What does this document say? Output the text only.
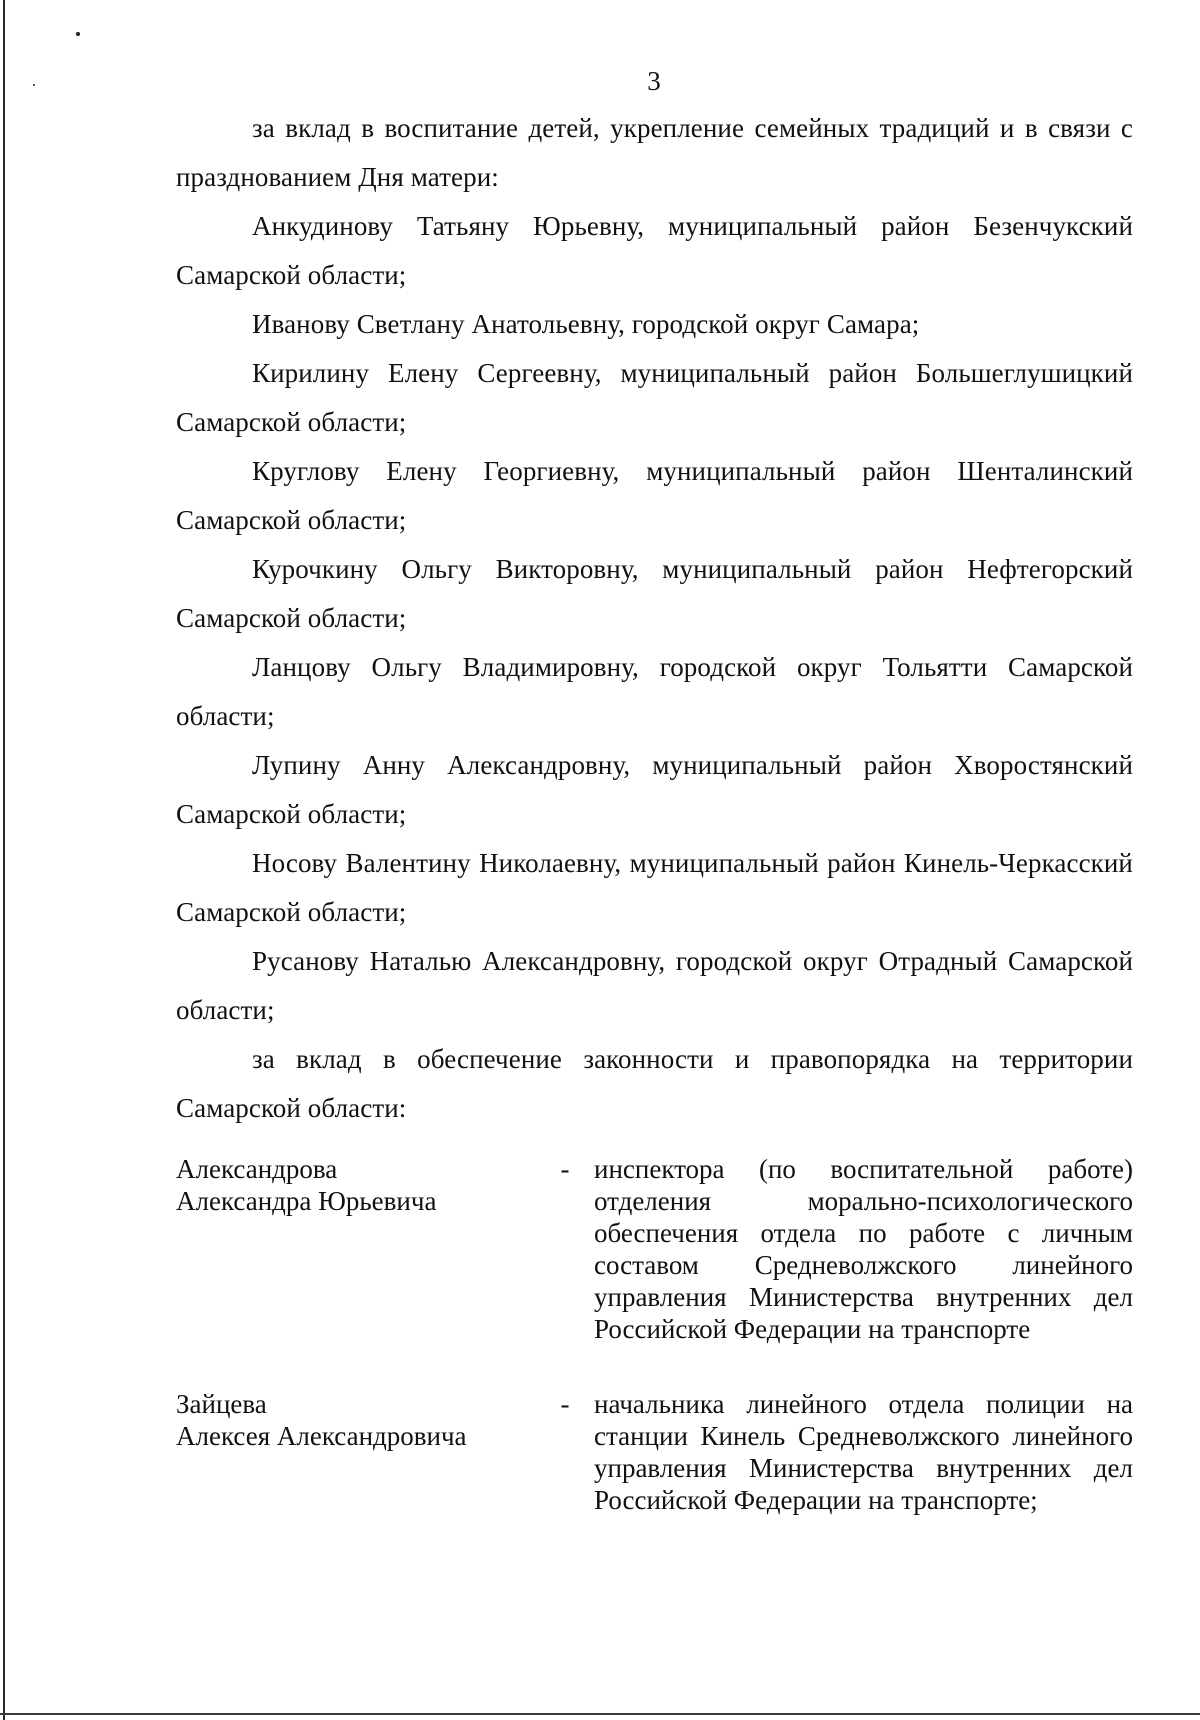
3

за вклад в воспитание детей, укрепление семейных традиций и в связи с празднованием Дня матери:

Анкудинову Татьяну Юрьевну, муниципальный район Безенчукский Самарской области;

Иванову Светлану Анатольевну, городской округ Самара;

Кирилину Елену Сергеевну, муниципальный район Большеглушицкий Самарской области;

Круглову Елену Георгиевну, муниципальный район Шенталинский Самарской области;

Курочкину Ольгу Викторовну, муниципальный район Нефтегорский Самарской области;

Ланцову Ольгу Владимировну, городской округ Тольятти Самарской области;

Лупину Анну Александровну, муниципальный район Хворостянский Самарской области;

Носову Валентину Николаевну, муниципальный район Кинель-Черкасский Самарской области;

Русанову Наталью Александровну, городской округ Отрадный Самарской области;

за вклад в обеспечение законности и правопорядка на территории Самарской области:

Александрова
Александра Юрьевича
- инспектора (по воспитательной работе) отделения морально-психологического обеспечения отдела по работе с личным составом Средневолжского линейного управления Министерства внутренних дел Российской Федерации на транспорте
Зайцева
Алексея Александровича
- начальника линейного отдела полиции на станции Кинель Средневолжского линейного управления Министерства внутренних дел Российской Федерации на транспорте;
